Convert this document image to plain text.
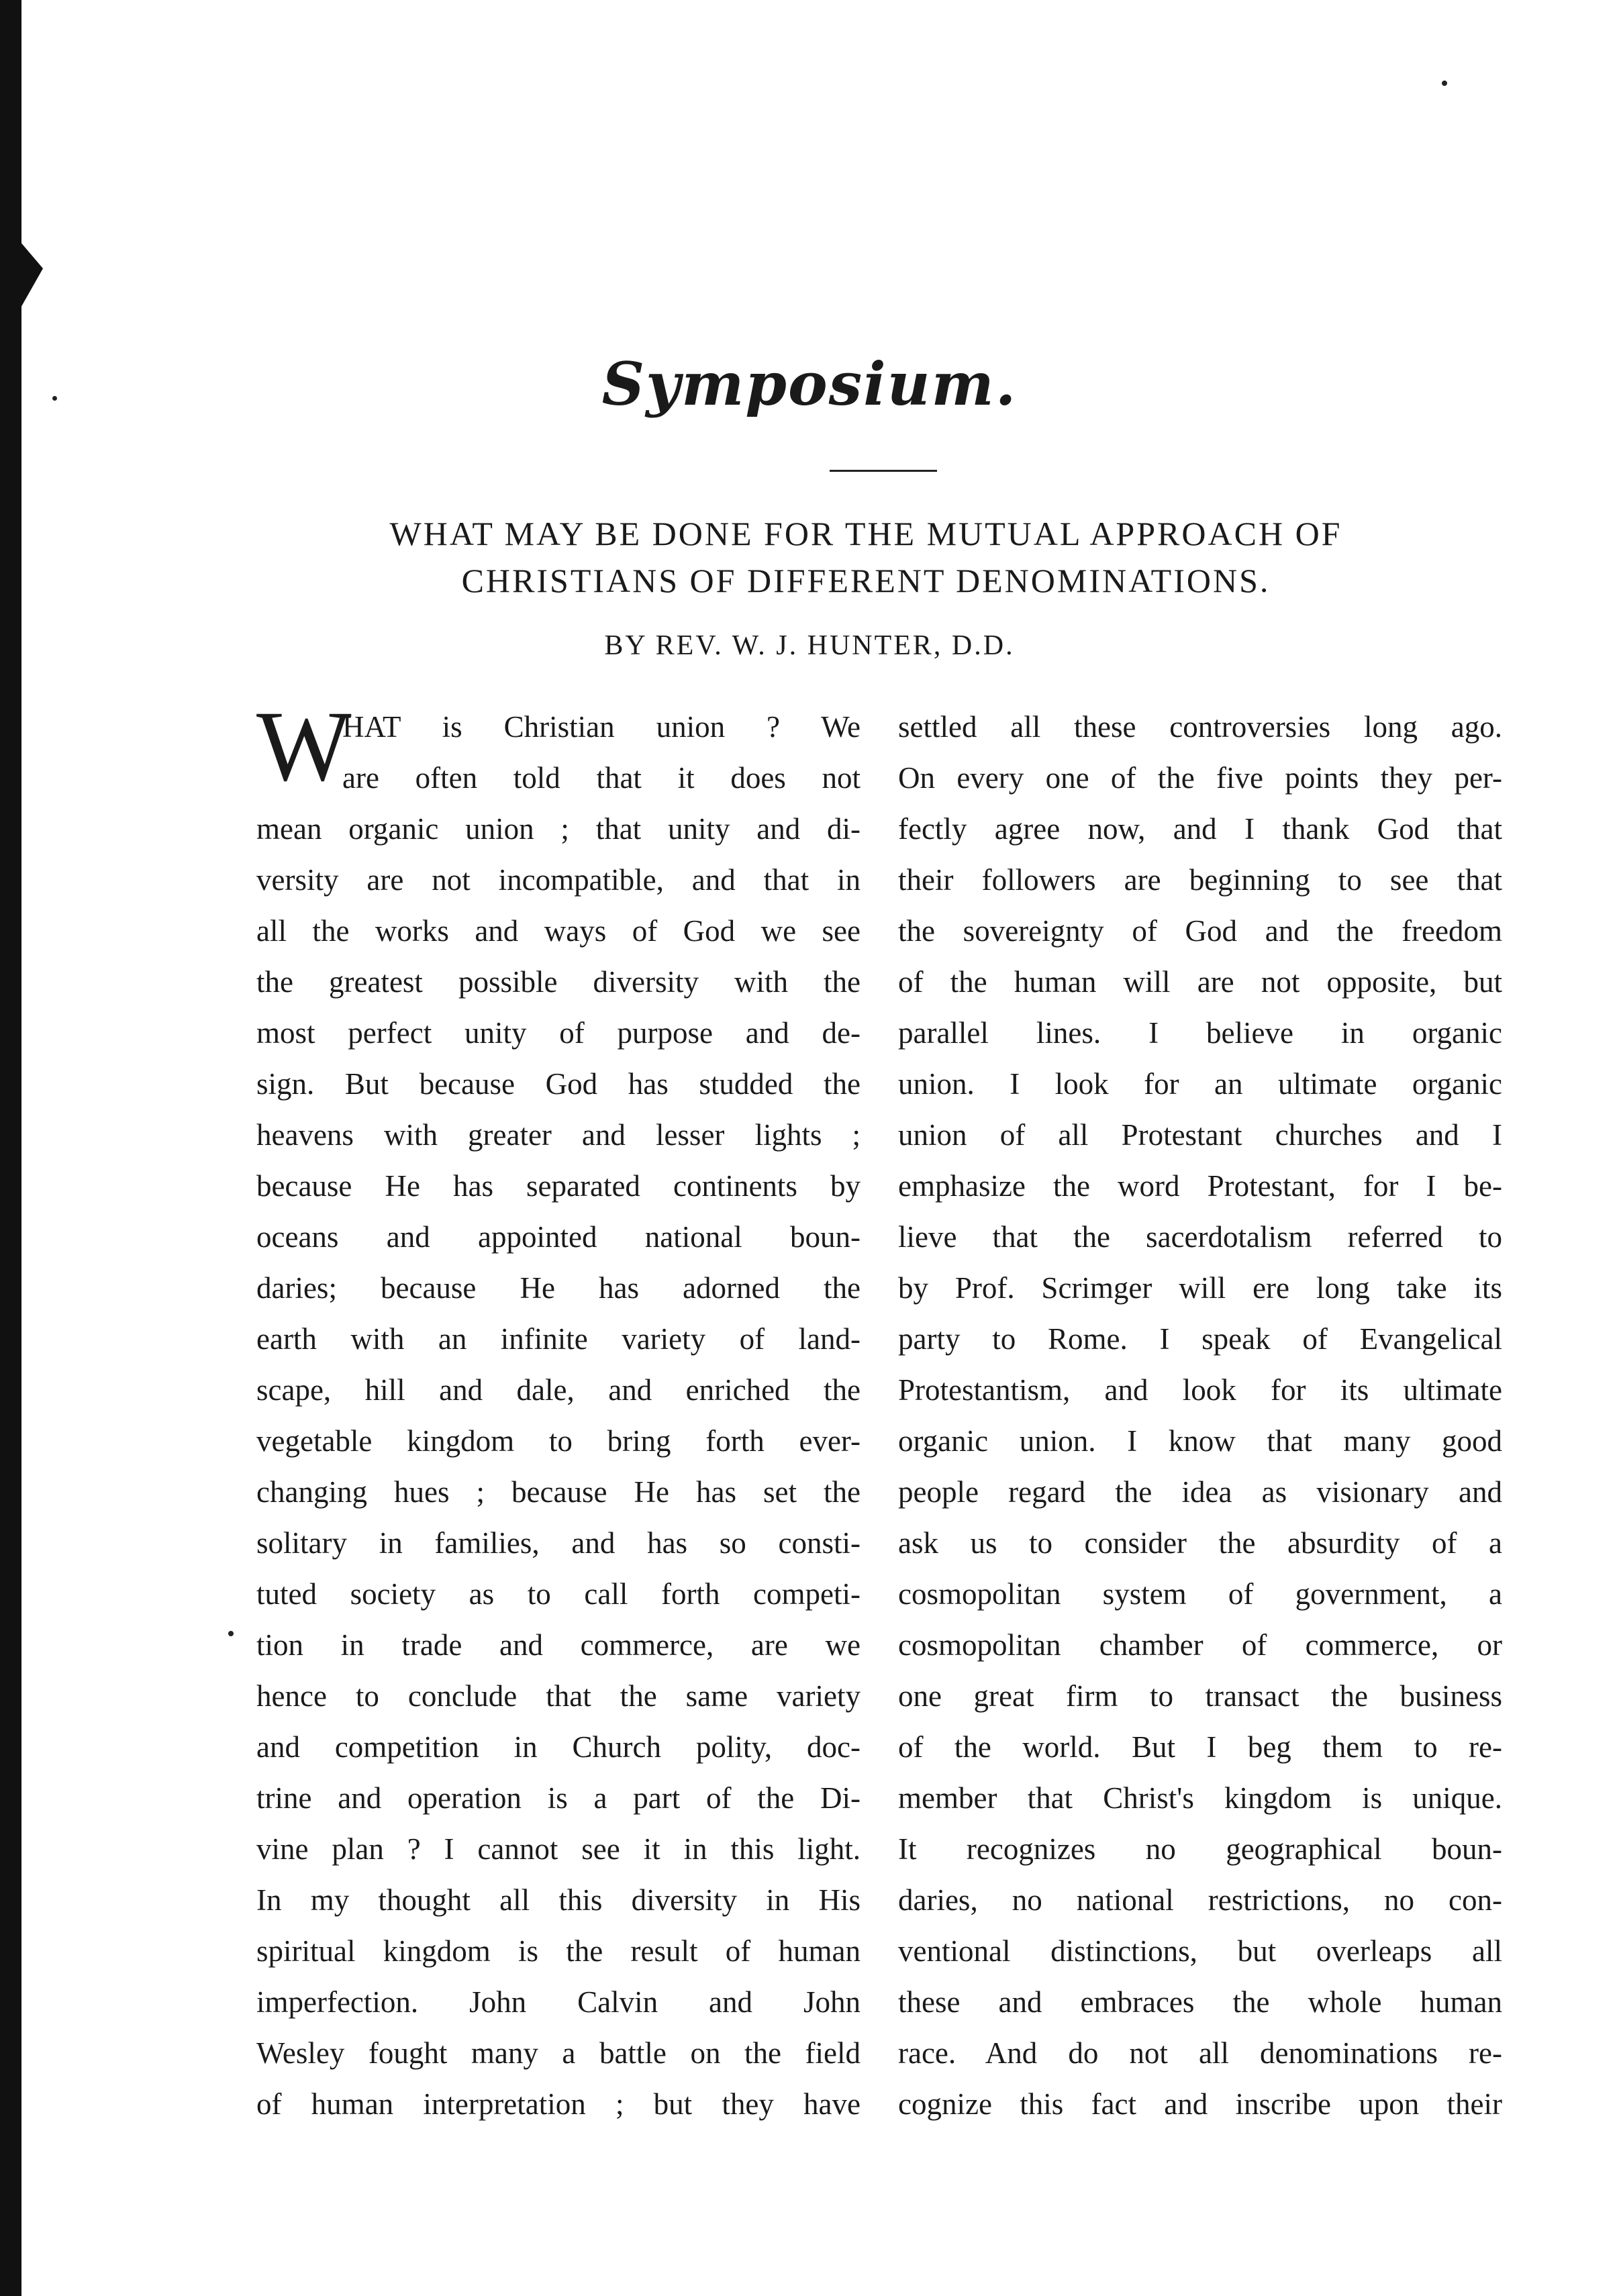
Symposium.
WHAT MAY BE DONE FOR THE MUTUAL APPROACH OF
CHRISTIANS OF DIFFERENT DENOMINATIONS.
BY REV. W. J. HUNTER, D.D.
W
HAT is Christian union ? We
are often told that it does not
mean organic union ; that unity and di-
versity are not incompatible, and that in
all the works and ways of God we see
the greatest possible diversity with the
most perfect unity of purpose and de-
sign. But because God has studded the
heavens with greater and lesser lights ;
because He has separated continents by
oceans and appointed national boun-
daries; because He has adorned the
earth with an infinite variety of land-
scape, hill and dale, and enriched the
vegetable kingdom to bring forth ever-
changing hues ; because He has set the
solitary in families, and has so consti-
tuted society as to call forth competi-
tion in trade and commerce, are we
hence to conclude that the same variety
and competition in Church polity, doc-
trine and operation is a part of the Di-
vine plan ? I cannot see it in this light.
In my thought all this diversity in His
spiritual kingdom is the result of human
imperfection. John Calvin and John
Wesley fought many a battle on the field
of human interpretation ; but they have
settled all these controversies long ago.
On every one of the five points they per-
fectly agree now, and I thank God that
their followers are beginning to see that
the sovereignty of God and the freedom
of the human will are not opposite, but
parallel lines. I believe in organic
union. I look for an ultimate organic
union of all Protestant churches and I
emphasize the word Protestant, for I be-
lieve that the sacerdotalism referred to
by Prof. Scrimger will ere long take its
party to Rome. I speak of Evangelical
Protestantism, and look for its ultimate
organic union. I know that many good
people regard the idea as visionary and
ask us to consider the absurdity of a
cosmopolitan system of government, a
cosmopolitan chamber of commerce, or
one great firm to transact the business
of the world. But I beg them to re-
member that Christ's kingdom is unique.
It recognizes no geographical boun-
daries, no national restrictions, no con-
ventional distinctions, but overleaps all
these and embraces the whole human
race. And do not all denominations re-
cognize this fact and inscribe upon their
